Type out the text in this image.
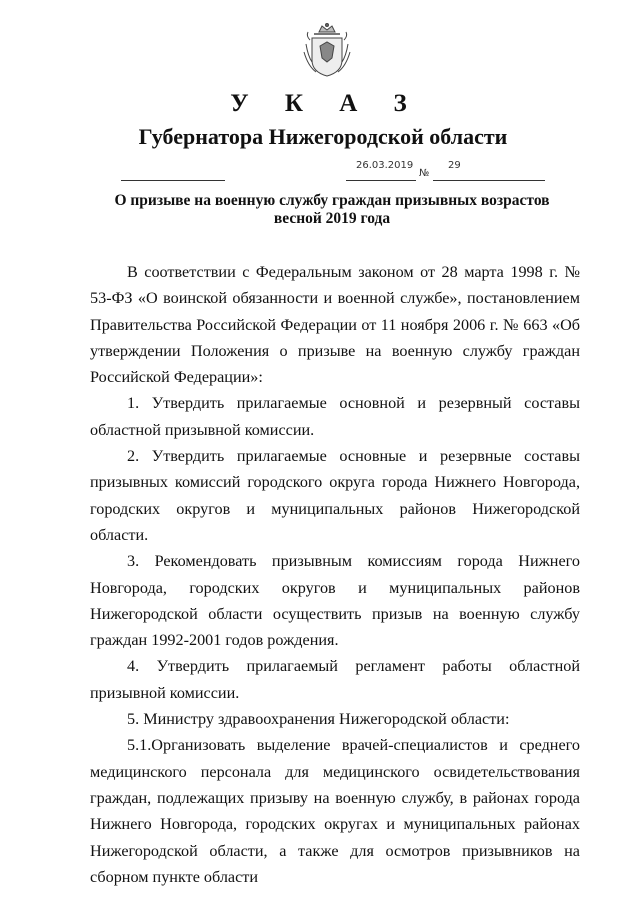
У К А З
Губернатора Нижегородской области
26.03.2019
№
29
О призыве на военную службу граждан призывных возрастов
весной 2019 года

В соответствии с Федеральным законом от 28 марта 1998 г. № 53-ФЗ «О воинской обязанности и военной службе», постановлением Правительства Российской Федерации от 11 ноября 2006 г. № 663 «Об утверждении Положения о призыве на военную службу граждан Российской Федерации»:

1. Утвердить прилагаемые основной и резервный составы областной призывной комиссии.

2. Утвердить прилагаемые основные и резервные составы призывных комиссий городского округа города Нижнего Новгорода, городских округов и муниципальных районов Нижегородской области.

3. Рекомендовать призывным комиссиям города Нижнего Новгорода, городских округов и муниципальных районов Нижегородской области осуществить призыв на военную службу граждан 1992-2001 годов рождения.

4. Утвердить прилагаемый регламент работы областной призывной комиссии.

5. Министру здравоохранения Нижегородской области:

5.1.Организовать выделение врачей-специалистов и среднего медицинского персонала для медицинского освидетельствования граждан, подлежащих призыву на военную службу, в районах города Нижнего Новгорода, городских округах и муниципальных районах Нижегородской области, а также для осмотров призывников на сборном пункте области
